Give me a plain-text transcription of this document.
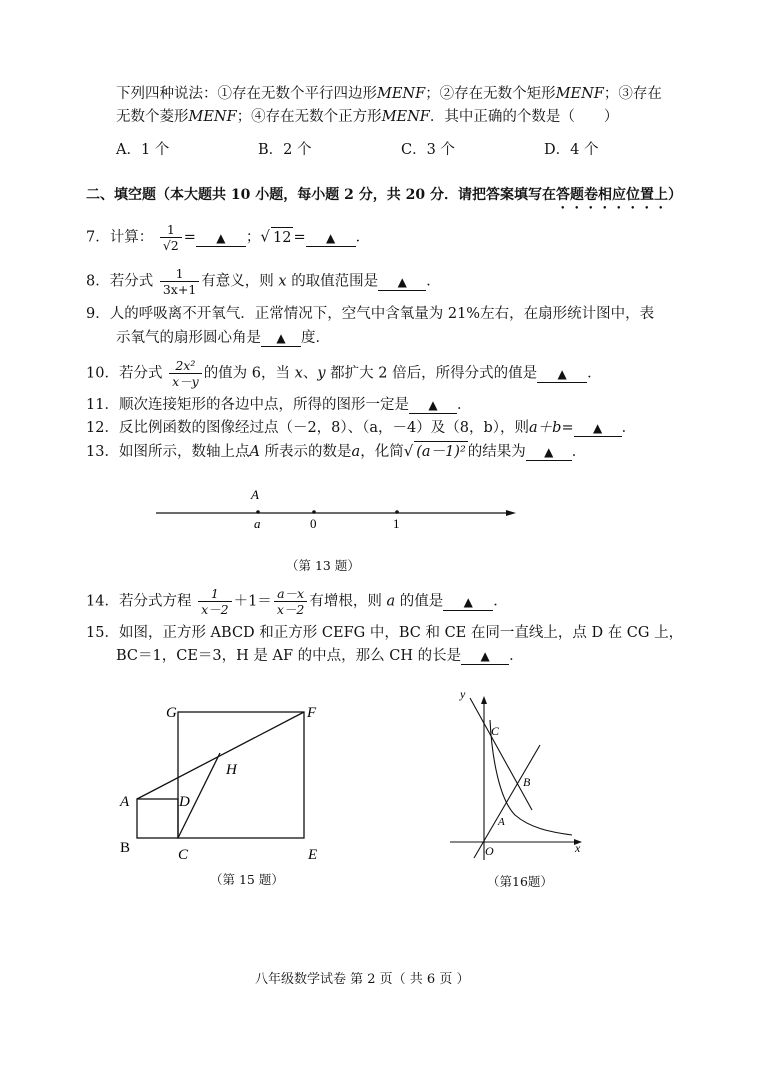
下列四种说法：①存在无数个平行四边形MENF；②存在无数个矩形MENF；③存在
无数个菱形MENF；④存在无数个正方形MENF．其中正确的个数是（　　）
A．1 个	B．2 个	C．3 个	D．4 个
二、填空题（本大题共 10 小题，每小题 2 分，共 20 分．请把答案填写在答题卷相应位置上）
7．计算： $\frac{1}{√2}$ = ▲ ；√ 12 = ▲ ．
8．若分式 $\frac{1}{3x+1}$ 有意义，则 x 的取值范围是 ▲ ．
9．人的呼吸离不开氧气．正常情况下，空气中含氧量为 21%左右，在扇形统计图中，表
示氧气的扇形圆心角是 ▲ 度．
10．若分式 $\frac{\text{2x²}}{x-y}$ 的值为 6，当 x、y 都扩大 2 倍后，所得分式的值是 ▲ ．
11．顺次连接矩形的各边中点，所得的图形一定是 ▲ ．
12．反比例函数的图像经过点（－2，8）、（a，－4）及（8，b），则a＋b= ▲ ．
13．如图所示，数轴上点A 所表示的数是a，化简√ (a－1)² 的结果为 ▲ ．
A
a	0	1
（第 13 题）
14．若分式方程 $\frac{1}{x-2} +1= \frac{a-x}{x-2}$ 有增根，则 a 的值是 ▲ ．
15．如图，正方形 ABCD 和正方形 CEFG 中，BC 和 CE 在同一直线上，点 D 在 CG 上，
BC＝1，CE＝3，H 是 AF 的中点，那么 CH 的长是 ▲ ．
G	F
H
A	D
B	C	E
（第 15 题）
y
x
C
B
A
O
（第16题）
八年级数学试卷 第 2 页（ 共 6 页 ）
